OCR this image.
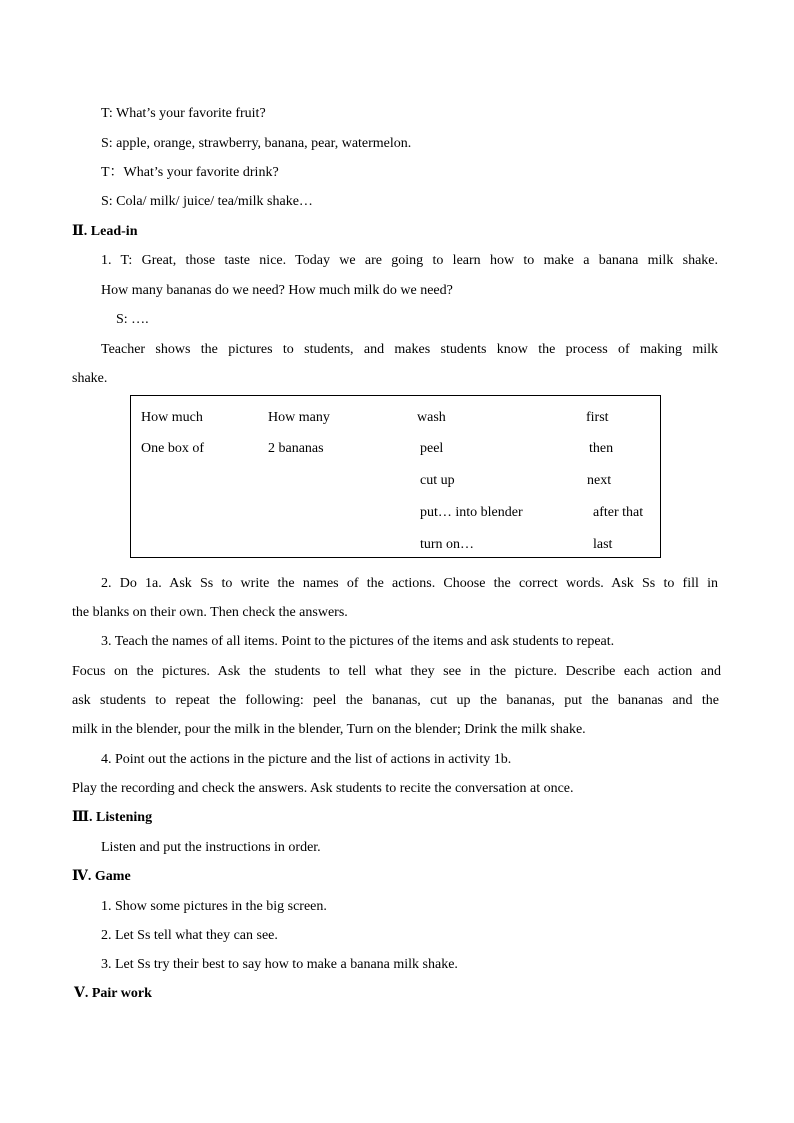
T: What’s your favorite fruit?
S: apple, orange, strawberry, banana, pear, watermelon.
T：What’s your favorite drink?
S: Cola/ milk/ juice/ tea/milk shake…
Ⅱ. Lead-in
1. T: Great, those taste nice. Today we are going to learn how to make a banana milk shake.
How many bananas do we need? How much milk do we need?
S: ….
Teacher shows the pictures to students, and makes students know the process of making milk
shake.
How much
One box of
How many
2 bananas
wash
peel
cut up
put… into blender
turn on…
first
then
next
after that
last
2. Do 1a. Ask Ss to write the names of the actions. Choose the correct words. Ask Ss to fill in
the blanks on their own. Then check the answers.
3. Teach the names of all items. Point to the pictures of the items and ask students to repeat.
Focus on the pictures. Ask the students to tell what they see in the picture. Describe each action and
ask students to repeat the following: peel the bananas, cut up the bananas, put the bananas and the
milk in the blender, pour the milk in the blender, Turn on the blender; Drink the milk shake.
4. Point out the actions in the picture and the list of actions in activity 1b.
Play the recording and check the answers. Ask students to recite the conversation at once.
Ⅲ. Listening
Listen and put the instructions in order.
Ⅳ. Game
1. Show some pictures in the big screen.
2. Let Ss tell what they can see.
3. Let Ss try their best to say how to make a banana milk shake.
Ⅴ. Pair work
